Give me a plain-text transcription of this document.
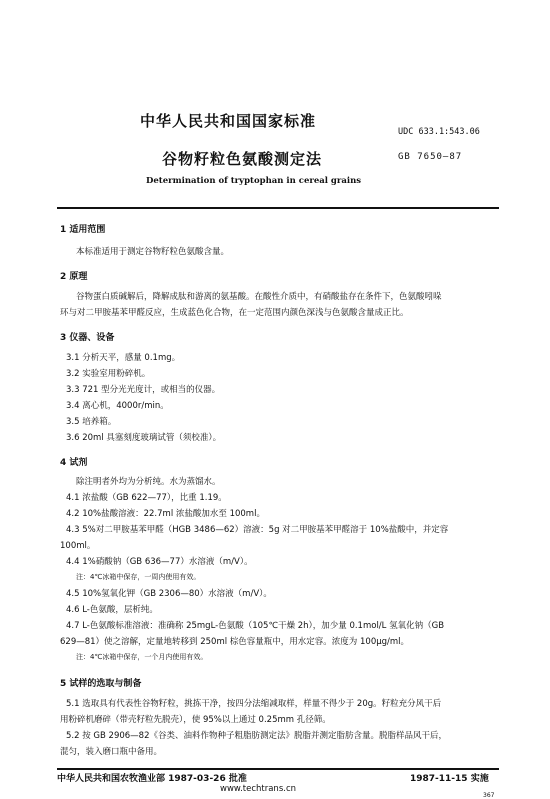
中华人民共和国国家标准
UDC 633.1:543.06
谷物籽粒色氨酸测定法	GB 7650—87
Determination of tryptophan in cereal grains
1 适用范围
本标准适用于测定谷物籽粒色氨酸含量。
2 原理
谷物蛋白质碱解后，降解成肽和游离的氨基酸。在酸性介质中，有硝酸盐存在条件下，色氨酸吲哚
环与对二甲胺基苯甲醛反应，生成蓝色化合物，在一定范围内颜色深浅与色氨酸含量成正比。
3 仪器、设备
3.1 分析天平，感量 0.1mg。
3.2 实验室用粉碎机。
3.3 721 型分光光度计，或相当的仪器。
3.4 离心机，4000r/min。
3.5 培养箱。
3.6 20ml 具塞刻度玻璃试管（须校准）。
4 试剂
除注明者外均为分析纯。水为蒸馏水。
4.1 浓盐酸（GB 622—77），比重 1.19。
4.2 10%盐酸溶液：22.7ml 浓盐酸加水至 100ml。
4.3 5%对二甲胺基苯甲醛（HGB 3486—62）溶液：5g 对二甲胺基苯甲醛溶于 10%盐酸中，并定容
100ml。
4.4 1%硝酸钠（GB 636—77）水溶液（m/V）。
注：4℃冰箱中保存，一周内使用有效。
4.5 10%氢氧化钾（GB 2306—80）水溶液（m/V）。
4.6 L-色氨酸，层析纯。
4.7 L-色氨酸标准溶液：准确称 25mgL-色氨酸（105℃干燥 2h），加少量 0.1mol/L 氢氧化钠（GB
629—81）使之溶解，定量地转移到 250ml 棕色容量瓶中，用水定容。浓度为 100μg/ml。
注：4℃冰箱中保存，一个月内使用有效。
5 试样的选取与制备
5.1 选取具有代表性谷物籽粒，挑拣干净，按四分法缩减取样，样量不得少于 20g。籽粒充分风干后
用粉碎机磨碎（带壳籽粒先脱壳），使 95%以上通过 0.25mm 孔径筛。
5.2 按 GB 2906—82《谷类、油料作物种子粗脂肪测定法》脱脂并测定脂肪含量。脱脂样品风干后，
混匀，装入磨口瓶中备用。
中华人民共和国农牧渔业部 1987-03-26 批准	1987-11-15 实施
367
www.techtrans.cn
